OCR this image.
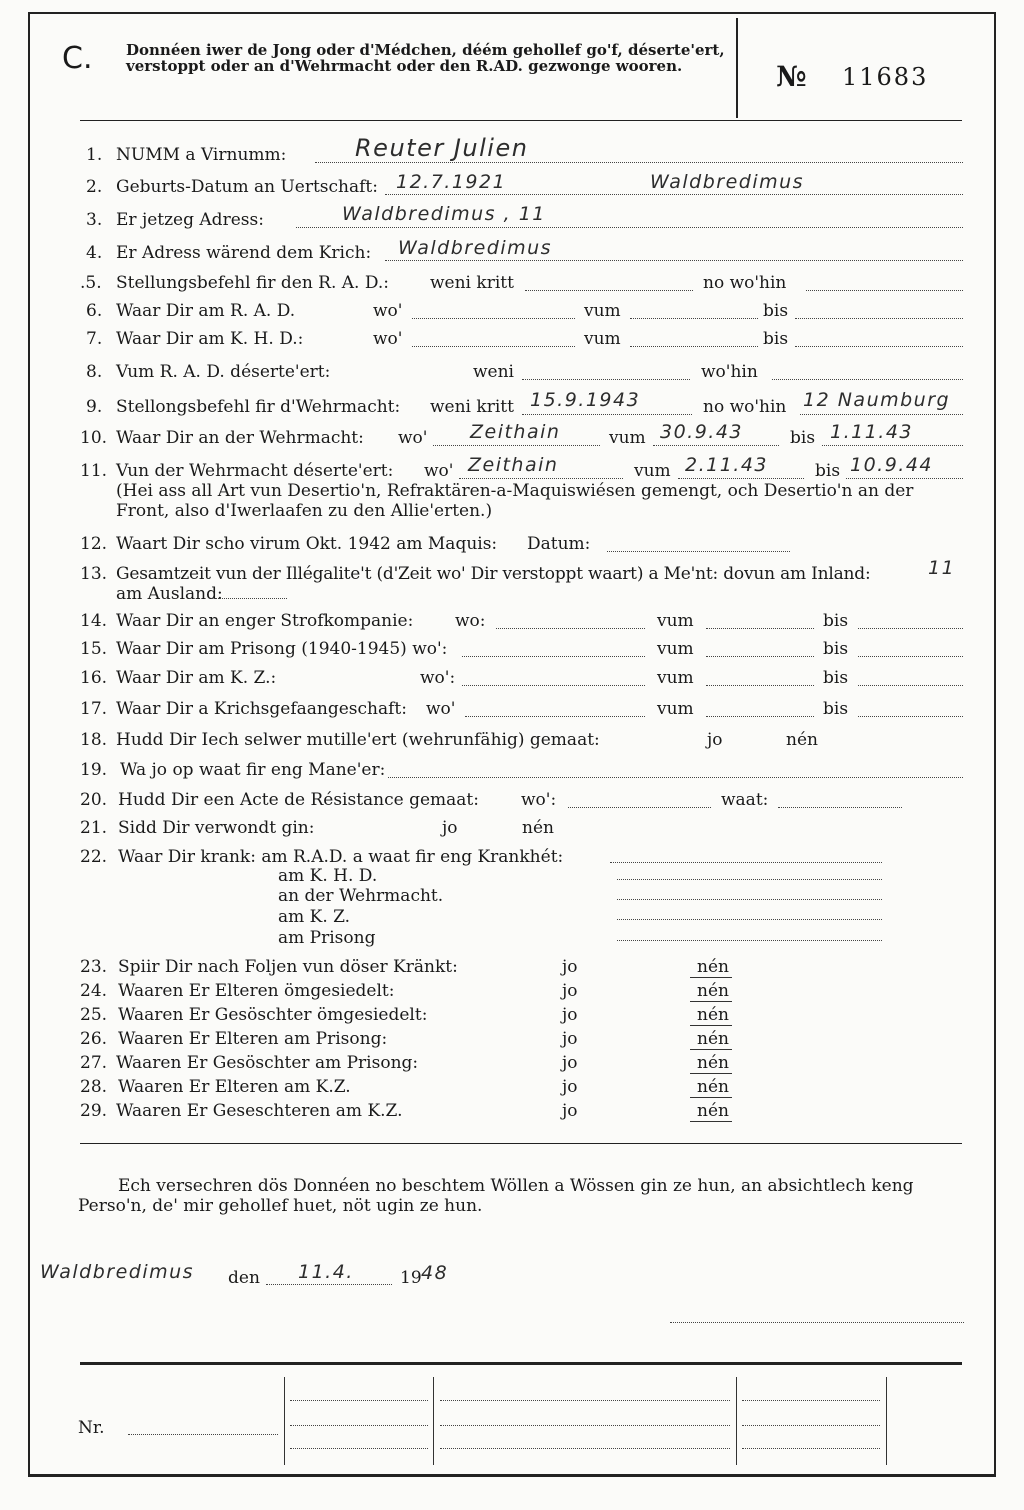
C. Donnéen iwer de Jong oder d'Médchen, déém gehollef go'f, déserte'ert, verstoppt oder an d'Wehrmacht oder den R.AD. gezwonge wooren.	№ 11683
1. NUMM a Virnumm:	Reuter Julien
2. Geburts-Datum an Uertschaft: 12.7.1921	Waldbredimus
3. Er jetzeg Adress:	Waldbredimus , 11
4. Er Adress wärend dem Krich: Waldbredimus
.5. Stellungsbefehl fir den R. A. D.: weni kritt	no wo'hin
6. Waar Dir am R. A. D.	wo'	vum	bis
7. Waar Dir am K. H. D.:	wo'	vum	bis
8. Vum R. A. D. déserte'ert:	weni	wo'hin
9. Stellongsbefehl fir d'Wehrmacht: weni kritt 15.9.1943	no wo'hin 12 Naumburg
10. Waar Dir an der Wehrmacht: wo' Zeithain	vum 30.9.43	bis 1.11.43
11. Vun der Wehrmacht déserte'ert: wo' Zeithain	vum 2.11.43	bis 10.9.44
(Hei ass all Art vun Desertio'n, Refraktären-a-Maquiswiésen gemengt, och Desertio'n an der
Front, also d'Iwerlaafen zu den Allie'erten.)
12. Waart Dir scho virum Okt. 1942 am Maquis: Datum:
13. Gesamtzeit vun der Illégalite't (d'Zeit wo' Dir verstoppt waart) a Me'nt: dovun am Inland:	11
am Ausland:
14. Waar Dir an enger Strofkompanie: wo:	vum	bis
15. Waar Dir am Prisong (1940-1945) wo':	vum	bis
16. Waar Dir am K. Z.:	wo':	vum	bis
17. Waar Dir a Krichsgefaangeschaft: wo'	vum	bis
18. Hudd Dir Iech selwer mutille'ert (wehrunfähig) gemaat:	jo	nén
19. Wa jo op waat fir eng Mane'er:
20. Hudd Dir een Acte de Résistance gemaat: wo':	waat:
21. Sidd Dir verwondt gin:	jo	nén
22. Waar Dir krank: am R.A.D. a waat fir eng Krankhét:
am K. H. D.
an der Wehrmacht.
am K. Z.
am Prisong
23. Spiir Dir nach Foljen vun döser Kränkt:	jo	nén
24. Waaren Er Elteren ömgesiedelt:	jo	nén
25. Waaren Er Gesöschter ömgesiedelt:	jo	nén
26. Waaren Er Elteren am Prisong:	jo	nén
27. Waaren Er Gesöschter am Prisong:	jo	nén
28. Waaren Er Elteren am K.Z.	jo	nén
29. Waaren Er Geseschteren am K.Z.	jo	nén
Ech versechren dös Donnéen no beschtem Wöllen a Wössen gin ze hun, an absichtlech keng
Perso'n, de' mir gehollef huet, nöt ugin ze hun.
Waldbredimus den 11.4.	19 48
Nr.
